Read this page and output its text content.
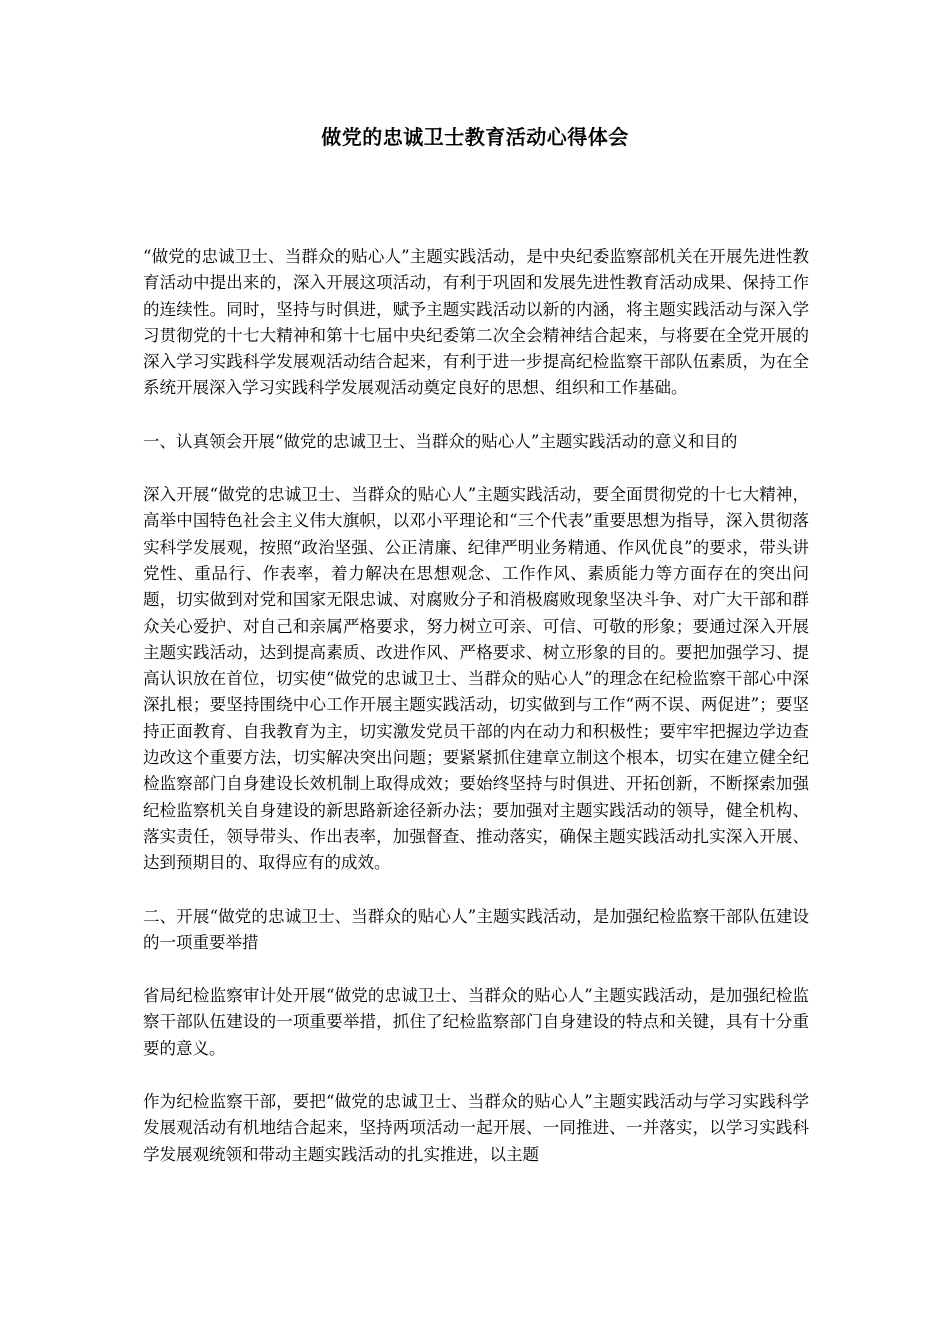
做党的忠诚卫士教育活动心得体会

“做党的忠诚卫士、当群众的贴心人”主题实践活动，是中央纪委监察部机关在开展先进性教育活动中提出来的，深入开展这项活动，有利于巩固和发展先进性教育活动成果、保持工作的连续性。同时，坚持与时俱进，赋予主题实践活动以新的内涵，将主题实践活动与深入学习贯彻党的十七大精神和第十七届中央纪委第二次全会精神结合起来，与将要在全党开展的深入学习实践科学发展观活动结合起来，有利于进一步提高纪检监察干部队伍素质，为在全系统开展深入学习实践科学发展观活动奠定良好的思想、组织和工作基础。

一、认真领会开展“做党的忠诚卫士、当群众的贴心人”主题实践活动的意义和目的

深入开展“做党的忠诚卫士、当群众的贴心人”主题实践活动，要全面贯彻党的十七大精神，高举中国特色社会主义伟大旗帜，以邓小平理论和“三个代表”重要思想为指导，深入贯彻落实科学发展观，按照“政治坚强、公正清廉、纪律严明业务精通、作风优良”的要求，带头讲党性、重品行、作表率，着力解决在思想观念、工作作风、素质能力等方面存在的突出问题，切实做到对党和国家无限忠诚、对腐败分子和消极腐败现象坚决斗争、对广大干部和群众关心爱护、对自己和亲属严格要求，努力树立可亲、可信、可敬的形象；要通过深入开展主题实践活动，达到提高素质、改进作风、严格要求、树立形象的目的。要把加强学习、提高认识放在首位，切实使“做党的忠诚卫士、当群众的贴心人”的理念在纪检监察干部心中深深扎根；要坚持围绕中心工作开展主题实践活动，切实做到与工作“两不误、两促进”；要坚持正面教育、自我教育为主，切实激发党员干部的内在动力和积极性；要牢牢把握边学边查边改这个重要方法，切实解决突出问题；要紧紧抓住建章立制这个根本，切实在建立健全纪检监察部门自身建设长效机制上取得成效；要始终坚持与时俱进、开拓创新，不断探索加强纪检监察机关自身建设的新思路新途径新办法；要加强对主题实践活动的领导，健全机构、落实责任，领导带头、作出表率，加强督查、推动落实，确保主题实践活动扎实深入开展、达到预期目的、取得应有的成效。

二、开展“做党的忠诚卫士、当群众的贴心人”主题实践活动，是加强纪检监察干部队伍建设的一项重要举措

省局纪检监察审计处开展“做党的忠诚卫士、当群众的贴心人”主题实践活动，是加强纪检监察干部队伍建设的一项重要举措，抓住了纪检监察部门自身建设的特点和关键，具有十分重要的意义。

作为纪检监察干部，要把“做党的忠诚卫士、当群众的贴心人”主题实践活动与学习实践科学发展观活动有机地结合起来，坚持两项活动一起开展、一同推进、一并落实，以学习实践科学发展观统领和带动主题实践活动的扎实推进，以主题
